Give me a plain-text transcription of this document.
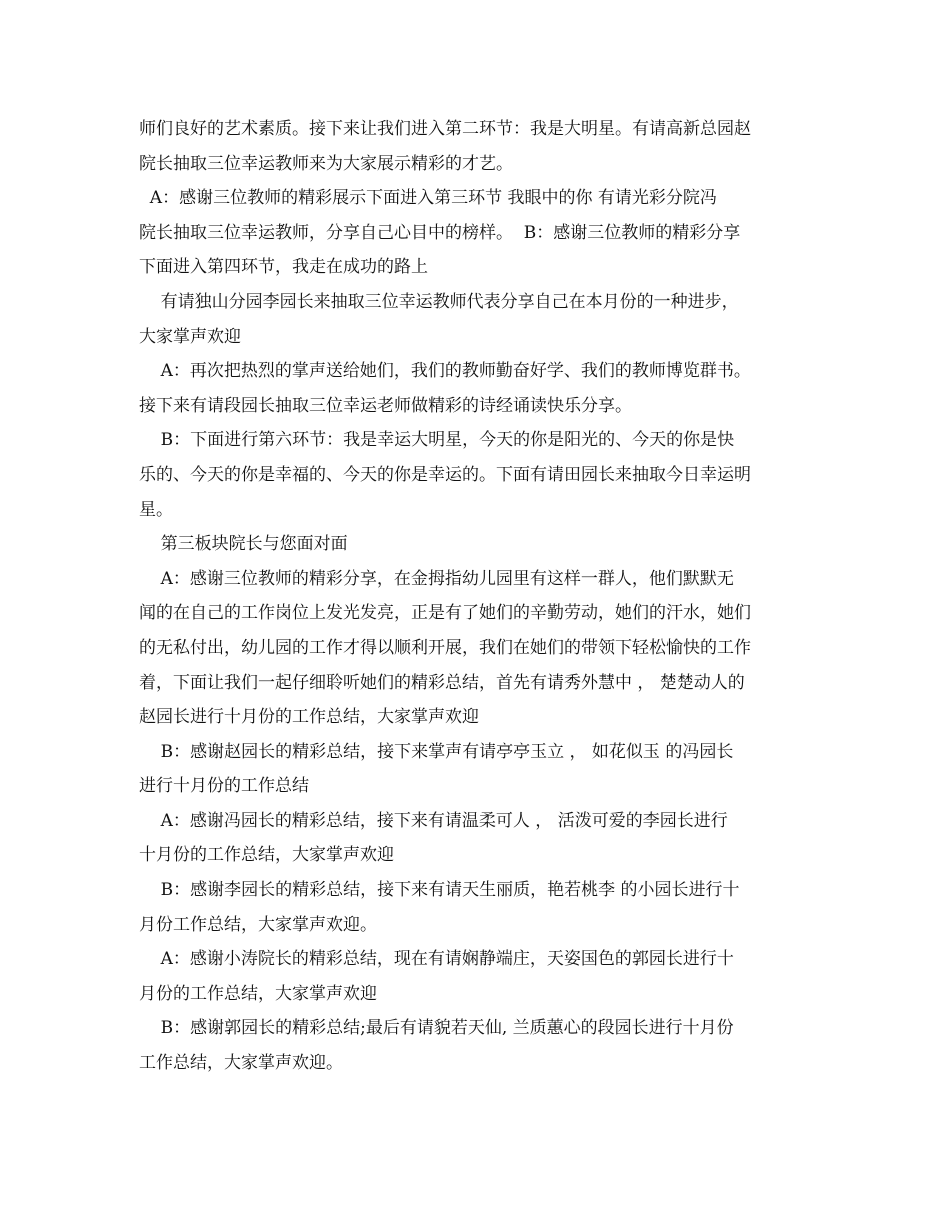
师们良好的艺术素质。接下来让我们进入第二环节：我是大明星。有请高新总园赵
院长抽取三位幸运教师来为大家展示精彩的才艺。

A：感谢三位教师的精彩展示下面进入第三环节 我眼中的你 有请光彩分院冯
院长抽取三位幸运教师，分享自己心目中的榜样。  B：感谢三位教师的精彩分享
下面进入第四环节，我走在成功的路上

有请独山分园李园长来抽取三位幸运教师代表分享自己在本月份的一种进步，
大家掌声欢迎

A：再次把热烈的掌声送给她们，我们的教师勤奋好学、我们的教师博览群书。
接下来有请段园长抽取三位幸运老师做精彩的诗经诵读快乐分享。

B：下面进行第六环节：我是幸运大明星，今天的你是阳光的、今天的你是快
乐的、今天的你是幸福的、今天的你是幸运的。下面有请田园长来抽取今日幸运明
星。

第三板块院长与您面对面

A：感谢三位教师的精彩分享，在金拇指幼儿园里有这样一群人，他们默默无
闻的在自己的工作岗位上发光发亮，正是有了她们的辛勤劳动，她们的汗水，她们
的无私付出，幼儿园的工作才得以顺利开展，我们在她们的带领下轻松愉快的工作
着，下面让我们一起仔细聆听她们的精彩总结，首先有请秀外慧中 ， 楚楚动人的
赵园长进行十月份的工作总结，大家掌声欢迎

B：感谢赵园长的精彩总结，接下来掌声有请亭亭玉立 ， 如花似玉 的冯园长
进行十月份的工作总结

A：感谢冯园长的精彩总结，接下来有请温柔可人 ， 活泼可爱的李园长进行
十月份的工作总结，大家掌声欢迎

B：感谢李园长的精彩总结，接下来有请天生丽质，艳若桃李 的小园长进行十
月份工作总结，大家掌声欢迎。

A：感谢小涛院长的精彩总结，现在有请娴静端庄，天姿国色的郭园长进行十
月份的工作总结，大家掌声欢迎

B：感谢郭园长的精彩总结;最后有请貌若天仙, 兰质蕙心的段园长进行十月份
工作总结，大家掌声欢迎。
